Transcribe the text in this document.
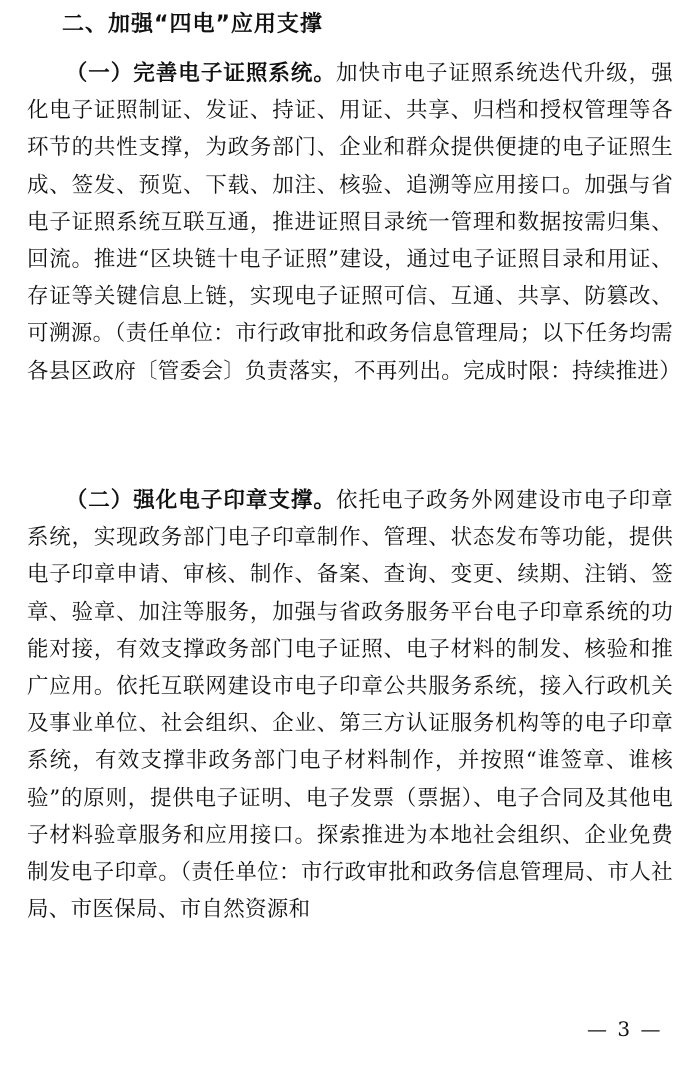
二、加强“四电”应用支撑

（一）完善电子证照系统。加快市电子证照系统迭代升级，强化电子证照制证、发证、持证、用证、共享、归档和授权管理等各环节的共性支撑，为政务部门、企业和群众提供便捷的电子证照生成、签发、预览、下载、加注、核验、追溯等应用接口。加强与省电子证照系统互联互通，推进证照目录统一管理和数据按需归集、回流。推进“区块链十电子证照”建设，通过电子证照目录和用证、存证等关键信息上链，实现电子证照可信、互通、共享、防篡改、可溯源。（责任单位：市行政审批和政务信息管理局；以下任务均需各县区政府〔管委会〕负责落实，不再列出。完成时限：持续推进）

（二）强化电子印章支撑。依托电子政务外网建设市电子印章系统，实现政务部门电子印章制作、管理、状态发布等功能，提供电子印章申请、审核、制作、备案、查询、变更、续期、注销、签章、验章、加注等服务，加强与省政务服务平台电子印章系统的功能对接，有效支撑政务部门电子证照、电子材料的制发、核验和推广应用。依托互联网建设市电子印章公共服务系统，接入行政机关及事业单位、社会组织、企业、第三方认证服务机构等的电子印章系统，有效支撑非政务部门电子材料制作，并按照“谁签章、谁核验”的原则，提供电子证明、电子发票（票据）、电子合同及其他电子材料验章服务和应用接口。探索推进为本地社会组织、企业免费制发电子印章。（责任单位：市行政审批和政务信息管理局、市人社局、市医保局、市自然资源和

— 3 —
